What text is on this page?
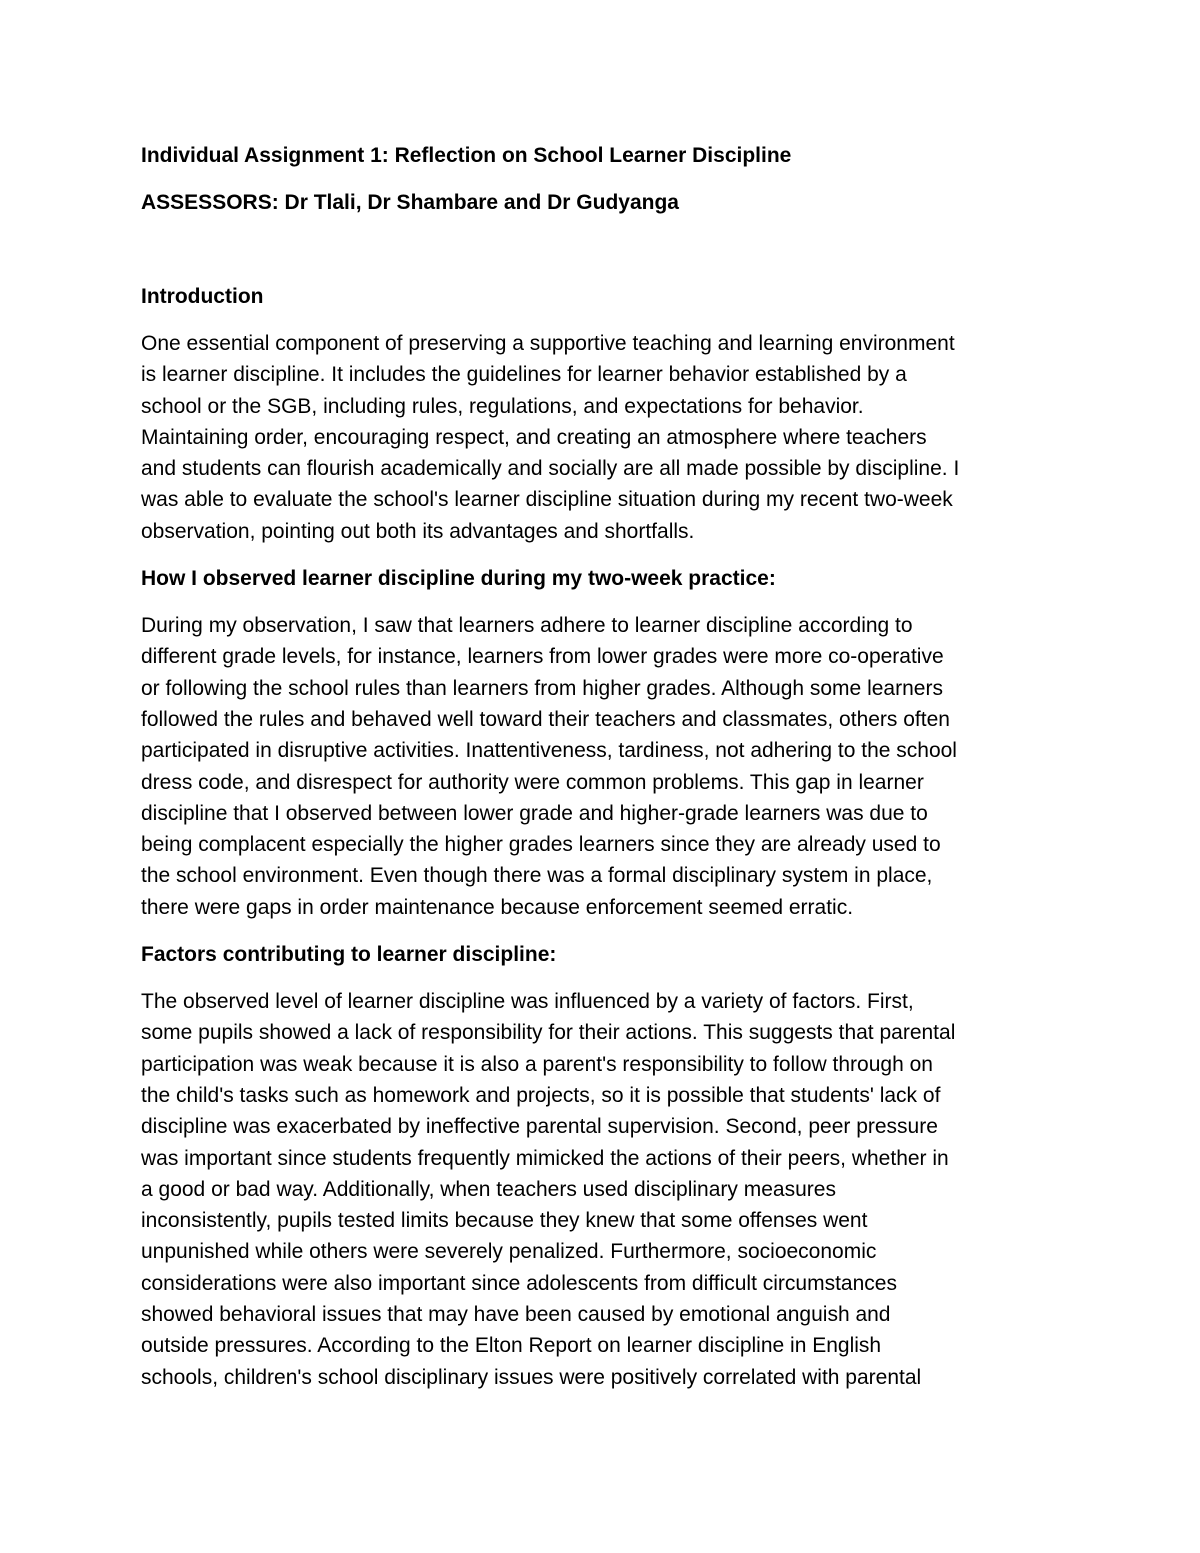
Individual Assignment 1: Reflection on School Learner Discipline
ASSESSORS: Dr Tlali, Dr Shambare and Dr Gudyanga
Introduction
One essential component of preserving a supportive teaching and learning environment
is learner discipline. It includes the guidelines for learner behavior established by a
school or the SGB, including rules, regulations, and expectations for behavior.
Maintaining order, encouraging respect, and creating an atmosphere where teachers
and students can flourish academically and socially are all made possible by discipline. I
was able to evaluate the school's learner discipline situation during my recent two-week
observation, pointing out both its advantages and shortfalls.
How I observed learner discipline during my two-week practice:
During my observation, I saw that learners adhere to learner discipline according to
different grade levels, for instance, learners from lower grades were more co-operative
or following the school rules than learners from higher grades. Although some learners
followed the rules and behaved well toward their teachers and classmates, others often
participated in disruptive activities. Inattentiveness, tardiness, not adhering to the school
dress code, and disrespect for authority were common problems. This gap in learner
discipline that I observed between lower grade and higher-grade learners was due to
being complacent especially the higher grades learners since they are already used to
the school environment. Even though there was a formal disciplinary system in place,
there were gaps in order maintenance because enforcement seemed erratic.
Factors contributing to learner discipline:
The observed level of learner discipline was influenced by a variety of factors. First,
some pupils showed a lack of responsibility for their actions. This suggests that parental
participation was weak because it is also a parent's responsibility to follow through on
the child's tasks such as homework and projects, so it is possible that students' lack of
discipline was exacerbated by ineffective parental supervision. Second, peer pressure
was important since students frequently mimicked the actions of their peers, whether in
a good or bad way. Additionally, when teachers used disciplinary measures
inconsistently, pupils tested limits because they knew that some offenses went
unpunished while others were severely penalized. Furthermore, socioeconomic
considerations were also important since adolescents from difficult circumstances
showed behavioral issues that may have been caused by emotional anguish and
outside pressures. According to the Elton Report on learner discipline in English
schools, children's school disciplinary issues were positively correlated with parental
